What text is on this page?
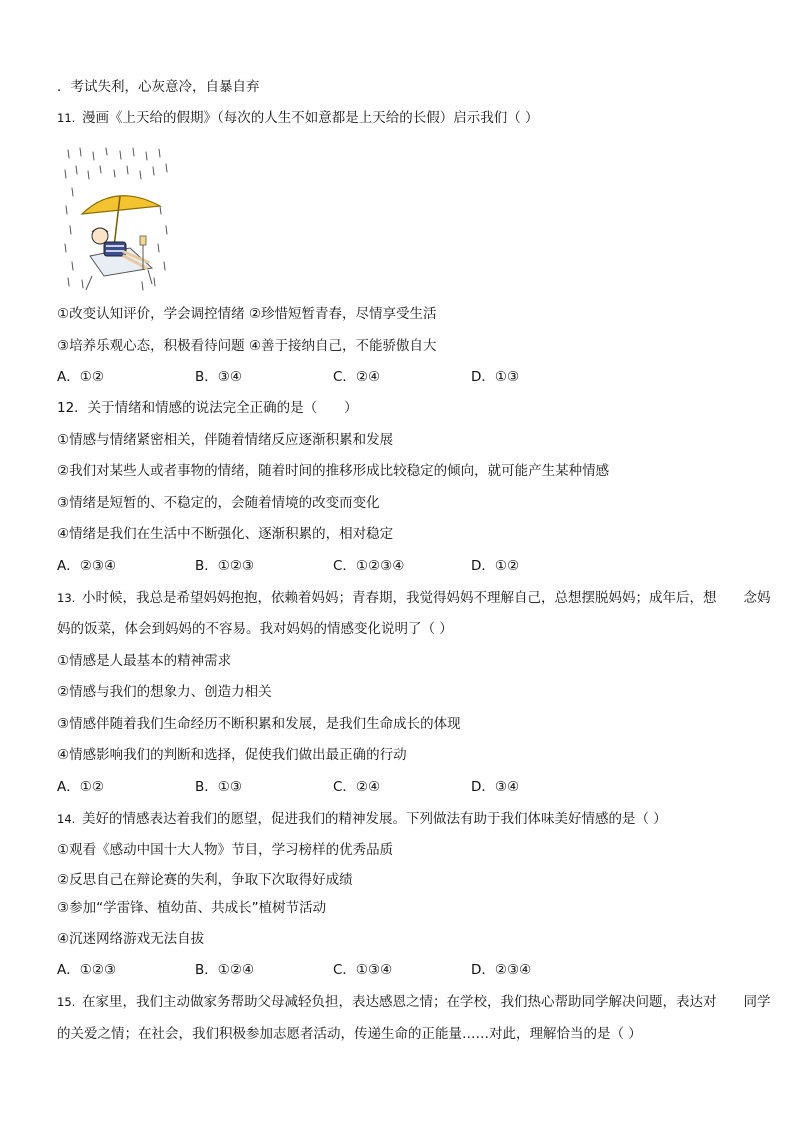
．考试失利，心灰意冷，自暴自弃
11. 漫画《上天给的假期》（每次的人生不如意都是上天给的长假）启示我们（ ）
①改变认知评价，学会调控情绪 ②珍惜短暂青春，尽情享受生活
③培养乐观心态，积极看待问题 ④善于接纳自己，不能骄傲自大
A．①②	B．③④	C．②④	D．①③
12．关于情绪和情感的说法完全正确的是（　　）
①情感与情绪紧密相关，伴随着情绪反应逐渐积累和发展
②我们对某些人或者事物的情绪，随着时间的推移形成比较稳定的倾向，就可能产生某种情感
③情绪是短暂的、不稳定的，会随着情境的改变而变化
④情绪是我们在生活中不断强化、逐渐积累的，相对稳定
A．②③④	B．①②③	C．①②③④	D．①②
13. 小时候，我总是希望妈妈抱抱，依赖着妈妈；青春期，我觉得妈妈不理解自己，总想摆脱妈妈；成年后，想　　念妈
妈的饭菜，体会到妈妈的不容易。我对妈妈的情感变化说明了（ ）
①情感是人最基本的精神需求
②情感与我们的想象力、创造力相关
③情感伴随着我们生命经历不断积累和发展，是我们生命成长的体现
④情感影响我们的判断和选择，促使我们做出最正确的行动
A．①②	B．①③	C．②④	D．③④
14. 美好的情感表达着我们的愿望，促进我们的精神发展。下列做法有助于我们体味美好情感的是（ ）
①观看《感动中国十大人物》节目，学习榜样的优秀品质
②反思自己在辩论赛的失利，争取下次取得好成绩
③参加“学雷锋、植幼苗、共成长”植树节活动
④沉迷网络游戏无法自拔
A．①②③	B．①②④	C．①③④	D．②③④
15. 在家里，我们主动做家务帮助父母减轻负担，表达感恩之情；在学校，我们热心帮助同学解决问题，表达对　　同学
的关爱之情；在社会，我们积极参加志愿者活动，传递生命的正能量……对此，理解恰当的是（ ）
